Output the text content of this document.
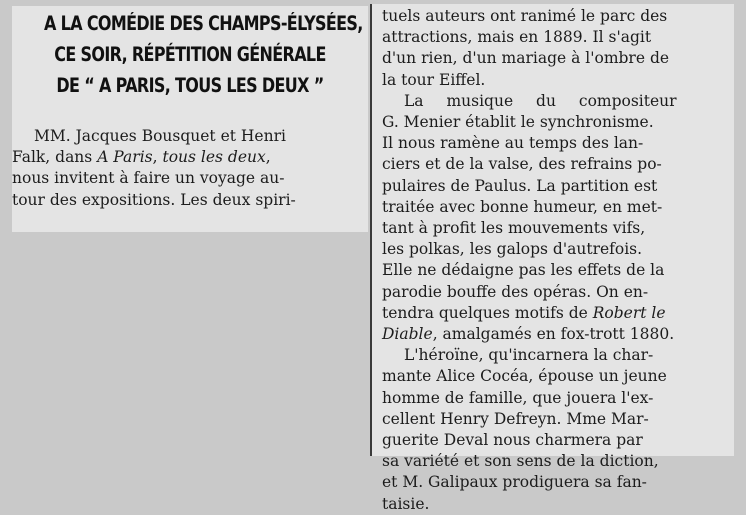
A LA COMÉDIE DES CHAMPS-ÉLYSÉES,
CE SOIR, RÉPÉTITION GÉNÉRALE
DE “ A PARIS, TOUS LES DEUX ”

MM. Jacques Bousquet et Henri
Falk, dans A Paris, tous les deux,
nous invitent à faire un voyage au-
tour des expositions. Les deux spiri-

tuels auteurs ont ranimé le parc des
attractions, mais en 1889. Il s'agit
d'un rien, d'un mariage à l'ombre de
la tour Eiffel.
La musique du compositeur
G. Menier établit le synchronisme.
Il nous ramène au temps des lan-
ciers et de la valse, des refrains po-
pulaires de Paulus. La partition est
traitée avec bonne humeur, en met-
tant à profit les mouvements vifs,
les polkas, les galops d'autrefois.
Elle ne dédaigne pas les effets de la
parodie bouffe des opéras. On en-
tendra quelques motifs de Robert le
Diable, amalgamés en fox-trott 1880.
L'héroïne, qu'incarnera la char-
mante Alice Cocéa, épouse un jeune
homme de famille, que jouera l'ex-
cellent Henry Defreyn. Mme Mar-
guerite Deval nous charmera par
sa variété et son sens de la diction,
et M. Galipaux prodiguera sa fan-
taisie.
